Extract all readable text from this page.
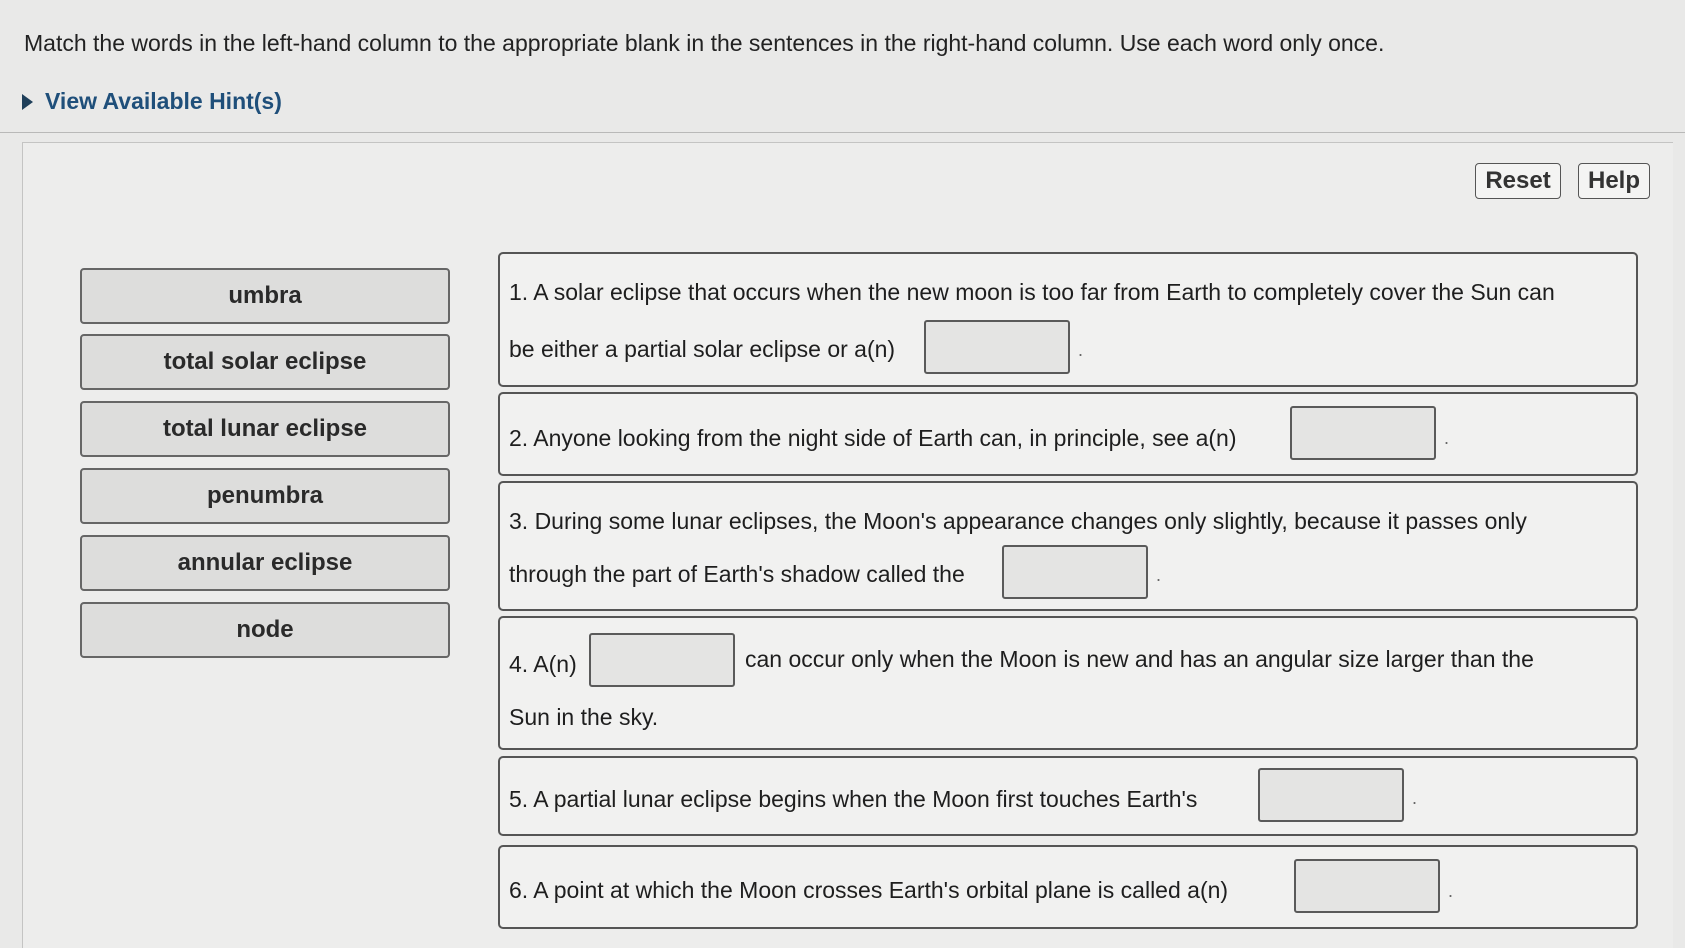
Match the words in the left-hand column to the appropriate blank in the sentences in the right-hand column. Use each word only once.
View Available Hint(s)
Reset	Help
umbra
total solar eclipse
total lunar eclipse
penumbra
annular eclipse
node
1. A solar eclipse that occurs when the new moon is too far from Earth to completely cover the Sun can
be either a partial solar eclipse or a(n)	.
2. Anyone looking from the night side of Earth can, in principle, see a(n)	.
3. During some lunar eclipses, the Moon's appearance changes only slightly, because it passes only
through the part of Earth's shadow called the	.
4. A(n)	can occur only when the Moon is new and has an angular size larger than the
Sun in the sky.
5. A partial lunar eclipse begins when the Moon first touches Earth's	.
6. A point at which the Moon crosses Earth's orbital plane is called a(n)	.
